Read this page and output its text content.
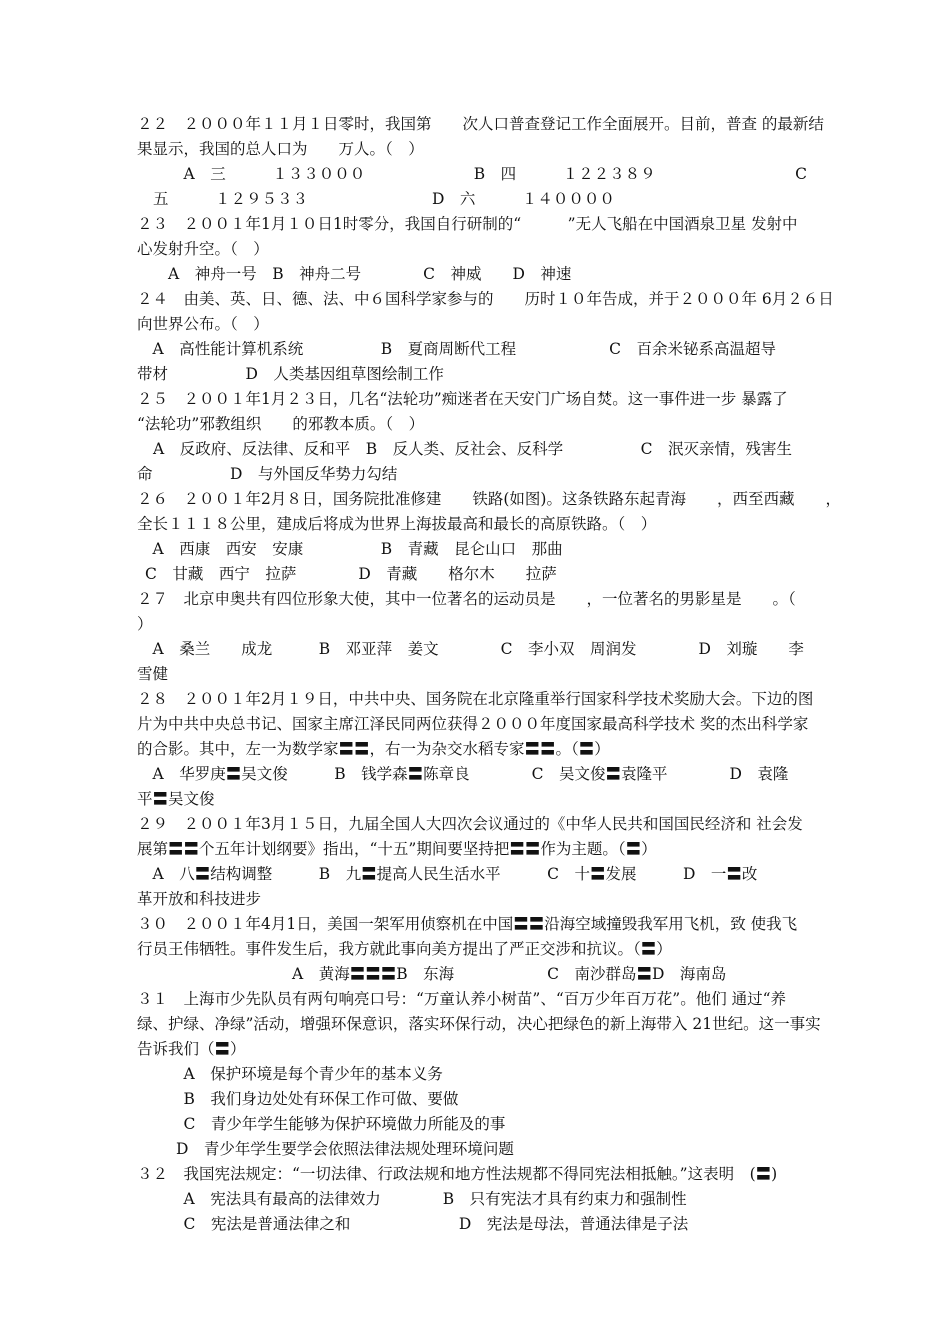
２２　２０００年１１月１日零时，我国第　　次人口普查登记工作全面展开。目前，普查 的最新结
果显示，我国的总人口为　　万人。（　）
　　　A　三　　　１３３０００　　　　　　　B　四　　　１２２３８９　　　　　　　　　C
五　　　１２９５３３　　　　　　　　D　六　　　１４００００
２３　２００１年1月１０日1时零分，我国自行研制的“　　　”无人飞船在中国酒泉卫星 发射中
心发射升空。（　）
　　A　神舟一号　B　神舟二号　　　　C　神威　　D　神速
２４　由美、英、日、德、法、中６国科学家参与的　　历时１０年告成，并于２０００年 6月２６日
向世界公布。（　）
　A　高性能计算机系统　　　　　B　夏商周断代工程　　　　　　C　百余米铋系高温超导
带材　　　　　D　人类基因组草图绘制工作
２５　２００１年1月２３日，几名“法轮功”痴迷者在天安门广场自焚。这一事件进一步 暴露了
“法轮功”邪教组织　　的邪教本质。（　）
A　反政府、反法律、反和平　B　反人类、反社会、反科学　　　　　C　泯灭亲情，残害生
命　　　　　D　与外国反华势力勾结
２６　２００１年2月８日，国务院批准修建　　铁路(如图)。这条铁路东起青海　　，西至西藏　　，
全长１１１８公里，建成后将成为世界上海拔最高和最长的高原铁路。（　）
　A　西康　西安　安康　　　　　B　青藏　昆仑山口　那曲
C　甘藏　西宁　拉萨　　　　D　青藏　　格尔木　　拉萨
２７　北京申奥共有四位形象大使，其中一位著名的运动员是　　，一位著名的男影星是　　。（
）
　A　桑兰　　成龙　　　B　邓亚萍　姜文　　　　C　李小双　周润发　　　　D　刘璇　　李
雪健
２８　２００１年2月１９日，中共中央、国务院在北京隆重举行国家科学技术奖励大会。下边的图
片为中共中央总书记、国家主席江泽民同两位获得２０００年度国家最高科学技术 奖的杰出科学家
的合影。其中，左一为数学家〓〓，右一为杂交水稻专家〓〓。（〓）
　A　华罗庚〓吴文俊　　　B　钱学森〓陈章良　　　　C　吴文俊〓袁隆平　　　　D　袁隆
平〓吴文俊
２９　２００１年3月１５日，九届全国人大四次会议通过的《中华人民共和国国民经济和 社会发
展第〓〓个五年计划纲要》指出，“十五”期间要坚持把〓〓作为主题。（〓）
　A　八〓结构调整　　　B　九〓提高人民生活水平　　　C　十〓发展　　　D　一〓改
革开放和科技进步
３０　２００１年4月1日，美国一架军用侦察机在中国〓〓沿海空域撞毁我军用飞机，致 使我飞
行员王伟牺牲。事件发生后，我方就此事向美方提出了严正交涉和抗议。（〓）
　　　　　　　　　　A　黄海〓〓〓B　东海　　　　　　C　南沙群岛〓D　海南岛
３１　上海市少先队员有两句响亮口号：“万童认养小树苗”、“百万少年百万花”。他们 通过“养
绿、护绿、净绿”活动，增强环保意识，落实环保行动，决心把绿色的新上海带入 21世纪。这一事实
告诉我们（〓）
　　　A　保护环境是每个青少年的基本义务
　　　B　我们身边处处有环保工作可做、要做
　　　C　青少年学生能够为保护环境做力所能及的事
　　D　青少年学生要学会依照法律法规处理环境问题
３２　我国宪法规定：“一切法律、行政法规和地方性法规都不得同宪法相抵触。”这表明　(〓)
　　　A　宪法具有最高的法律效力　　　　B　只有宪法才具有约束力和强制性
　　　C　宪法是普通法律之和　　　　　　　D　宪法是母法，普通法律是子法
